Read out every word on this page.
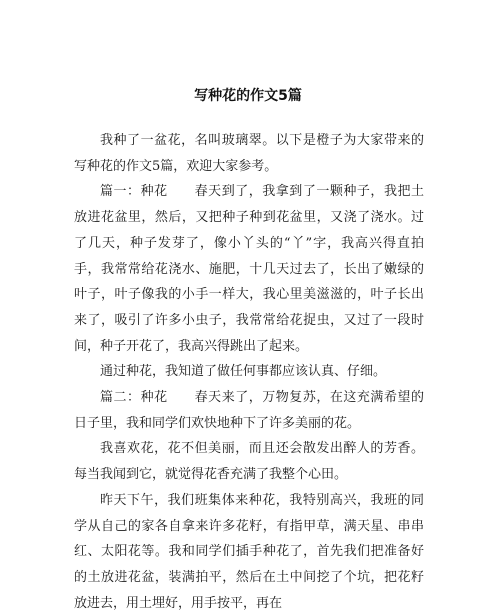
写种花的作文5篇

我种了一盆花，名叫玻璃翠。以下是橙子为大家带来的写种花的作文5篇，欢迎大家参考。

篇一：种花　　春天到了，我拿到了一颗种子，我把土放进花盆里，然后，又把种子种到花盆里，又浇了浇水。过了几天，种子发芽了，像小丫头的“丫”字，我高兴得直拍手，我常常给花浇水、施肥，十几天过去了，长出了嫩绿的叶子，叶子像我的小手一样大，我心里美滋滋的，叶子长出来了，吸引了许多小虫子，我常常给花捉虫，又过了一段时间，种子开花了，我高兴得跳出了起来。

通过种花，我知道了做任何事都应该认真、仔细。

篇二：种花　　春天来了，万物复苏，在这充满希望的日子里，我和同学们欢快地种下了许多美丽的花。

我喜欢花，花不但美丽，而且还会散发出醉人的芳香。每当我闻到它，就觉得花香充满了我整个心田。

昨天下午，我们班集体来种花，我特别高兴，我班的同学从自己的家各自拿来许多花籽，有指甲草，满天星、串串红、太阳花等。我和同学们插手种花了，首先我们把准备好的土放进花盆，装满拍平，然后在土中间挖了个坑，把花籽放进去，用土埋好，用手按平，再在
